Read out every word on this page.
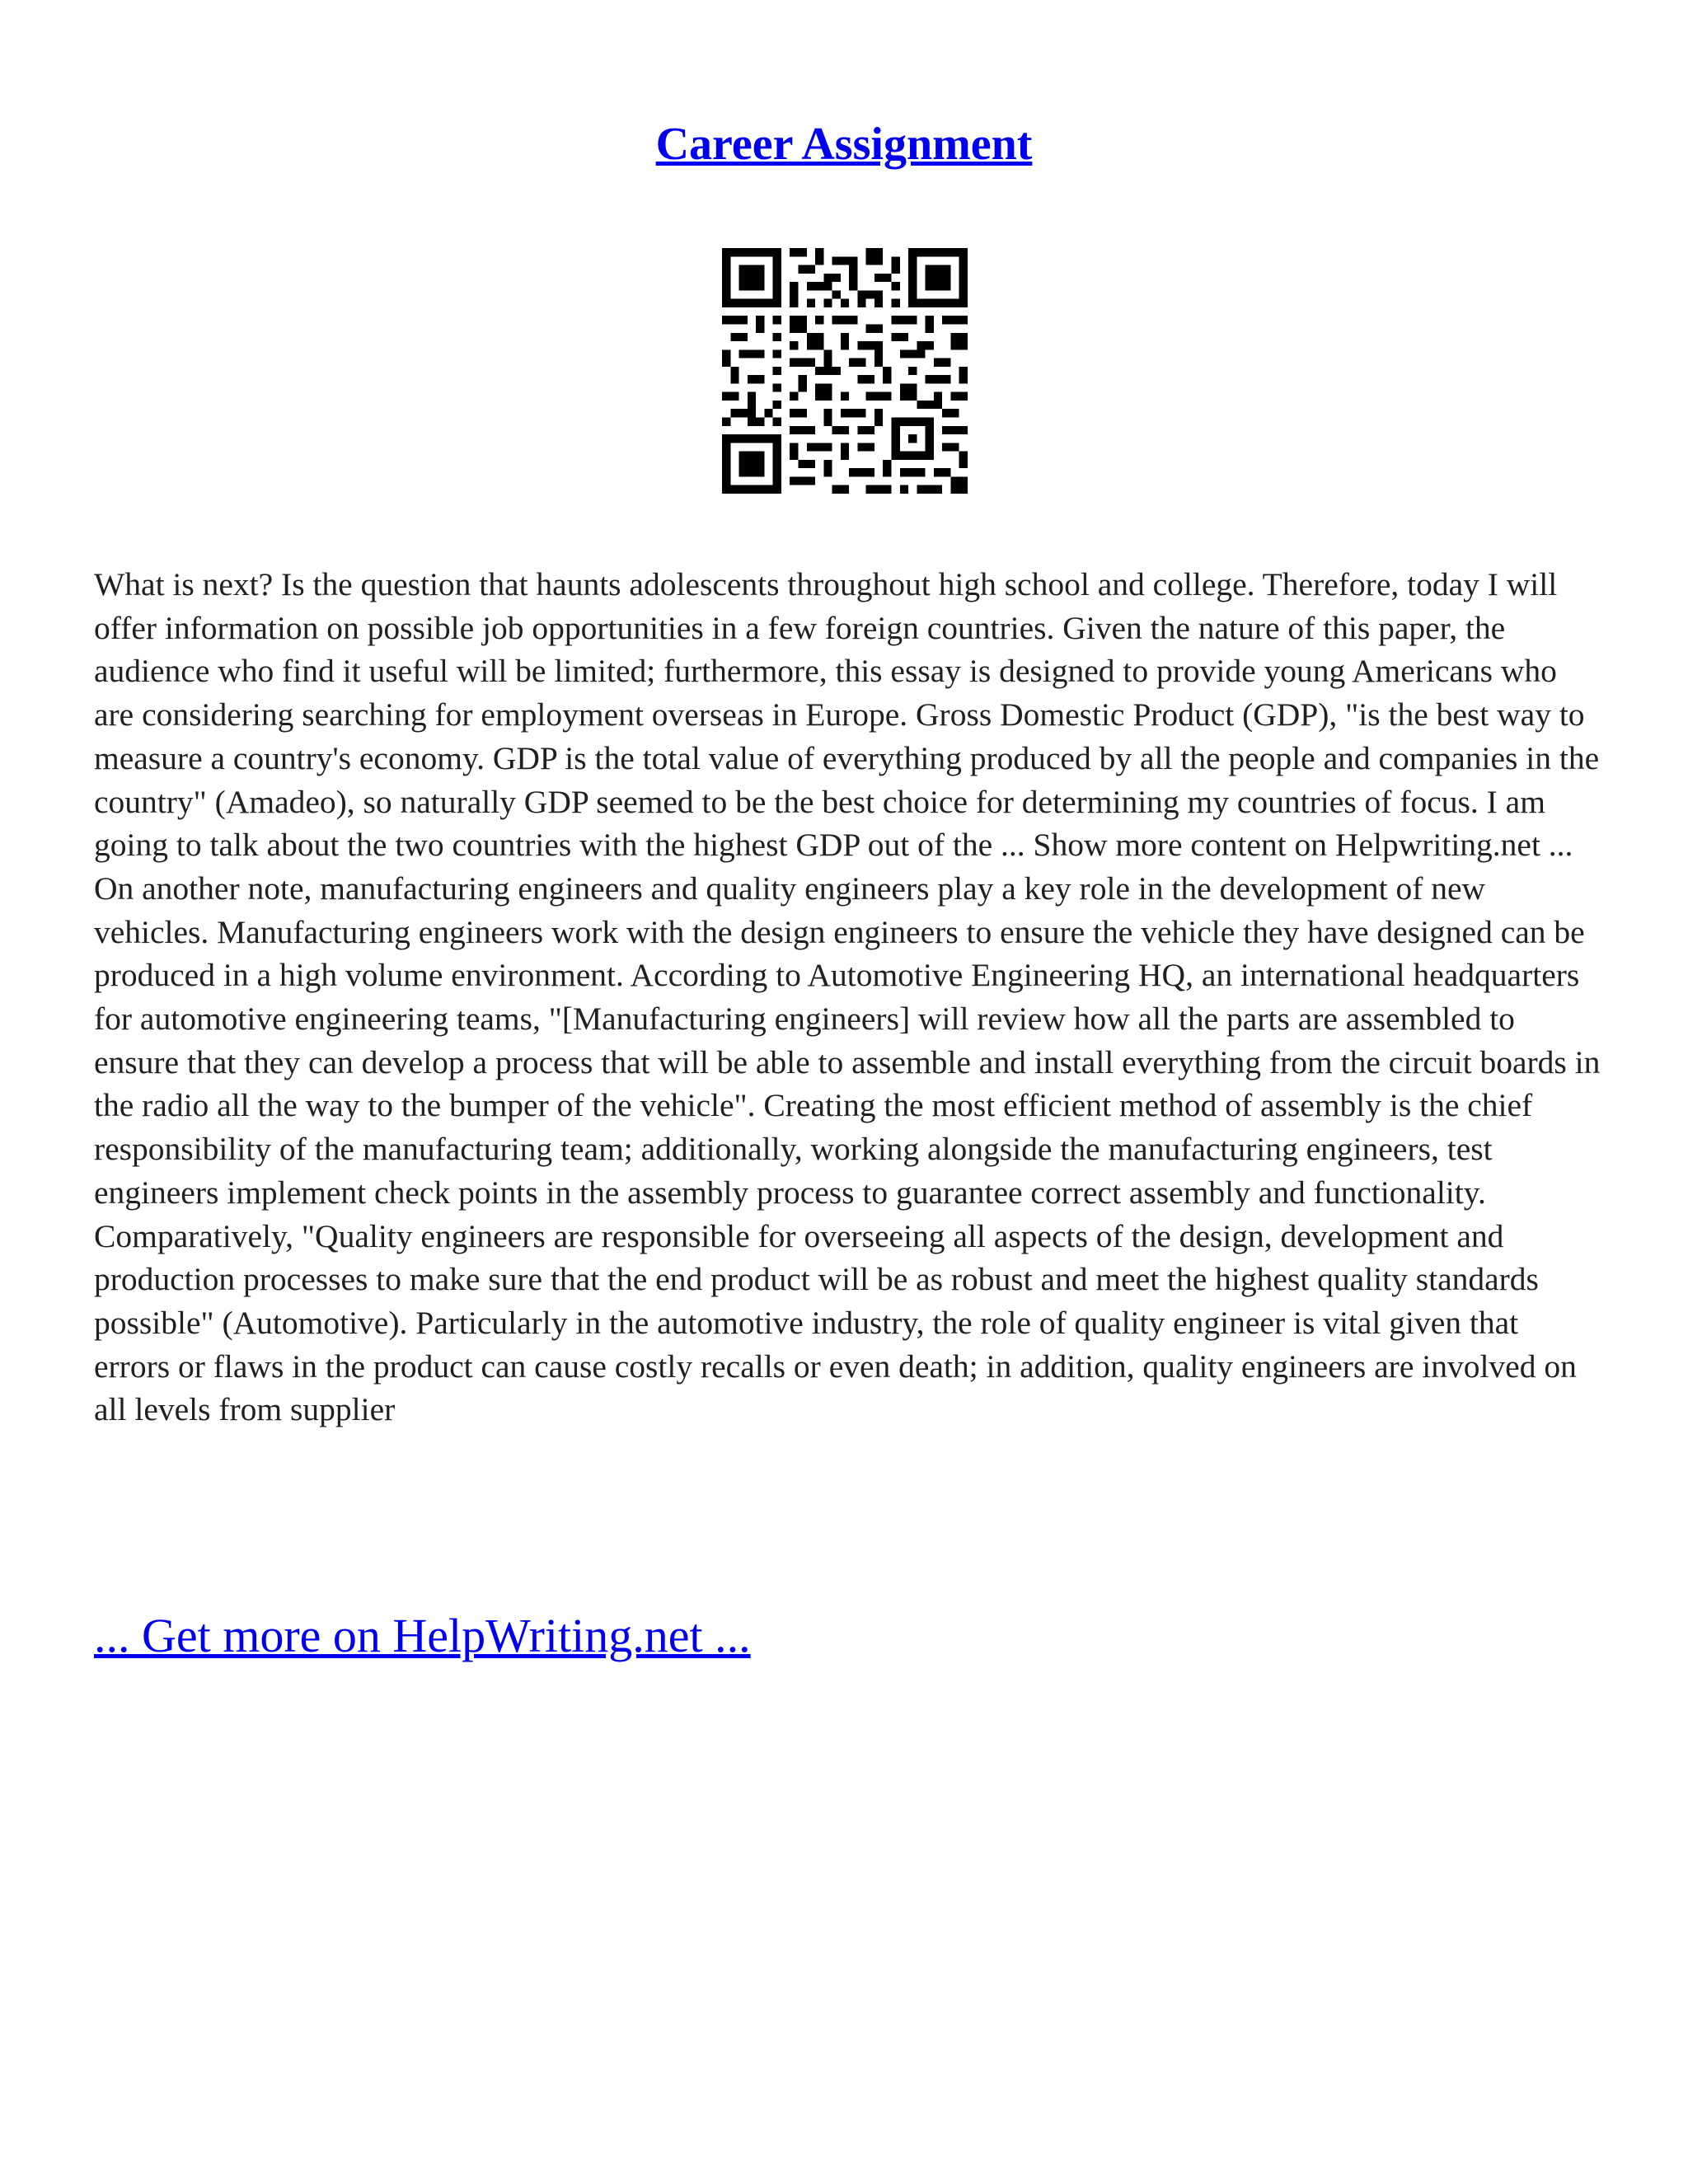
Career Assignment

What is next? Is the question that haunts adolescents throughout high school and college. Therefore, today I will offer information on possible job opportunities in a few foreign countries. Given the nature of this paper, the audience who find it useful will be limited; furthermore, this essay is designed to provide young Americans who are considering searching for employment overseas in Europe. Gross Domestic Product (GDP), "is the best way to measure a country's economy. GDP is the total value of everything produced by all the people and companies in the country" (Amadeo), so naturally GDP seemed to be the best choice for determining my countries of focus. I am going to talk about the two countries with the highest GDP out of the ... Show more content on Helpwriting.net ...

On another note, manufacturing engineers and quality engineers play a key role in the development of new vehicles. Manufacturing engineers work with the design engineers to ensure the vehicle they have designed can be produced in a high volume environment. According to Automotive Engineering HQ, an international headquarters for automotive engineering teams, "[Manufacturing engineers] will review how all the parts are assembled to ensure that they can develop a process that will be able to assemble and install everything from the circuit boards in the radio all the way to the bumper of the vehicle". Creating the most efficient method of assembly is the chief responsibility of the manufacturing team; additionally, working alongside the manufacturing engineers, test engineers implement check points in the assembly process to guarantee correct assembly and functionality. Comparatively, "Quality engineers are responsible for overseeing all aspects of the design, development and production processes to make sure that the end product will be as robust and meet the highest quality standards possible" (Automotive). Particularly in the automotive industry, the role of quality engineer is vital given that errors or flaws in the product can cause costly recalls or even death; in addition, quality engineers are involved on all levels from supplier

... Get more on HelpWriting.net ...
